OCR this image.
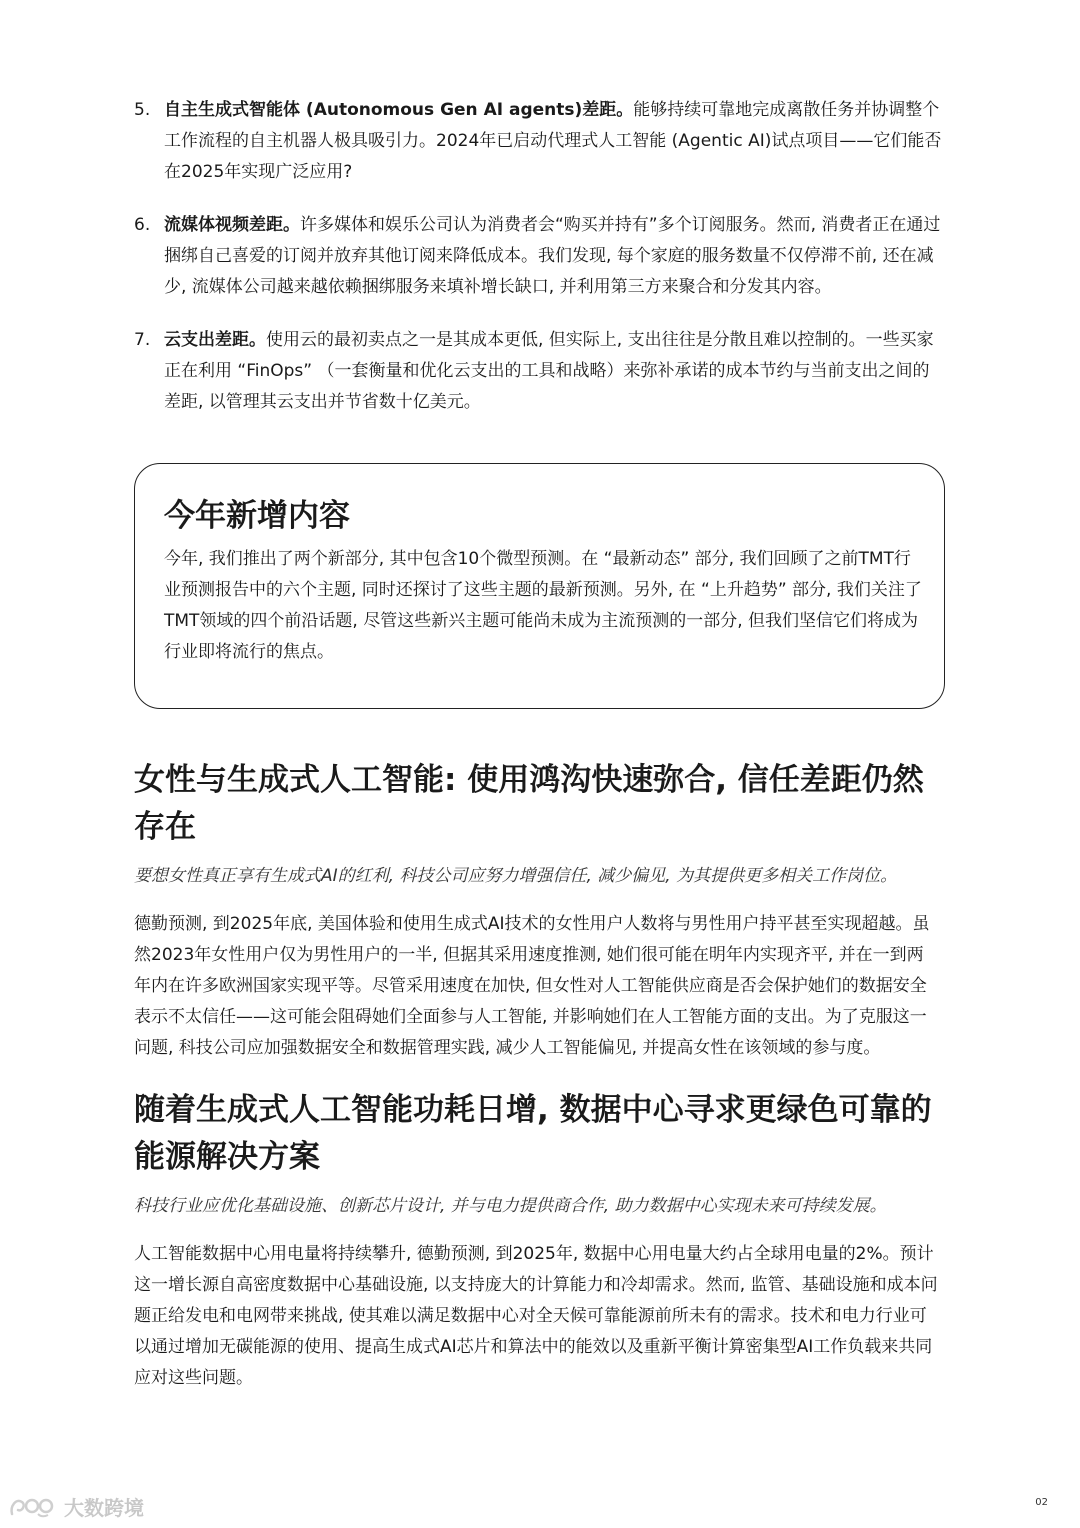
5. 自主生成式智能体 (Autonomous Gen AI agents)差距。能够持续可靠地完成离散任务并协调整个工作流程的自主机器人极具吸引力。2024年已启动代理式人工智能 (Agentic AI)试点项目——它们能否在2025年实现广泛应用?
6. 流媒体视频差距。许多媒体和娱乐公司认为消费者会“购买并持有”多个订阅服务。然而, 消费者正在通过捆绑自己喜爱的订阅并放弃其他订阅来降低成本。我们发现, 每个家庭的服务数量不仅停滞不前, 还在减少, 流媒体公司越来越依赖捆绑服务来填补增长缺口, 并利用第三方来聚合和分发其内容。
7. 云支出差距。使用云的最初卖点之一是其成本更低, 但实际上, 支出往往是分散且难以控制的。一些买家正在利用 “FinOps” （一套衡量和优化云支出的工具和战略）来弥补承诺的成本节约与当前支出之间的差距, 以管理其云支出并节省数十亿美元。
今年新增内容

今年, 我们推出了两个新部分, 其中包含10个微型预测。在 “最新动态” 部分, 我们回顾了之前TMT行业预测报告中的六个主题, 同时还探讨了这些主题的最新预测。另外, 在 “上升趋势” 部分, 我们关注了TMT领域的四个前沿话题, 尽管这些新兴主题可能尚未成为主流预测的一部分, 但我们坚信它们将成为行业即将流行的焦点。

女性与生成式人工智能: 使用鸿沟快速弥合, 信任差距仍然存在

要想女性真正享有生成式AI的红利, 科技公司应努力增强信任, 减少偏见, 为其提供更多相关工作岗位。

德勤预测, 到2025年底, 美国体验和使用生成式AI技术的女性用户人数将与男性用户持平甚至实现超越。虽然2023年女性用户仅为男性用户的一半, 但据其采用速度推测, 她们很可能在明年内实现齐平, 并在一到两年内在许多欧洲国家实现平等。尽管采用速度在加快, 但女性对人工智能供应商是否会保护她们的数据安全表示不太信任——这可能会阻碍她们全面参与人工智能, 并影响她们在人工智能方面的支出。为了克服这一问题, 科技公司应加强数据安全和数据管理实践, 减少人工智能偏见, 并提高女性在该领域的参与度。

随着生成式人工智能功耗日增, 数据中心寻求更绿色可靠的能源解决方案

科技行业应优化基础设施、创新芯片设计, 并与电力提供商合作, 助力数据中心实现未来可持续发展。

人工智能数据中心用电量将持续攀升, 德勤预测, 到2025年, 数据中心用电量大约占全球用电量的2%。预计这一增长源自高密度数据中心基础设施, 以支持庞大的计算能力和冷却需求。然而, 监管、基础设施和成本问题正给发电和电网带来挑战, 使其难以满足数据中心对全天候可靠能源前所未有的需求。技术和电力行业可以通过增加无碳能源的使用、提高生成式AI芯片和算法中的能效以及重新平衡计算密集型AI工作负载来共同应对这些问题。

大数跨境	02
